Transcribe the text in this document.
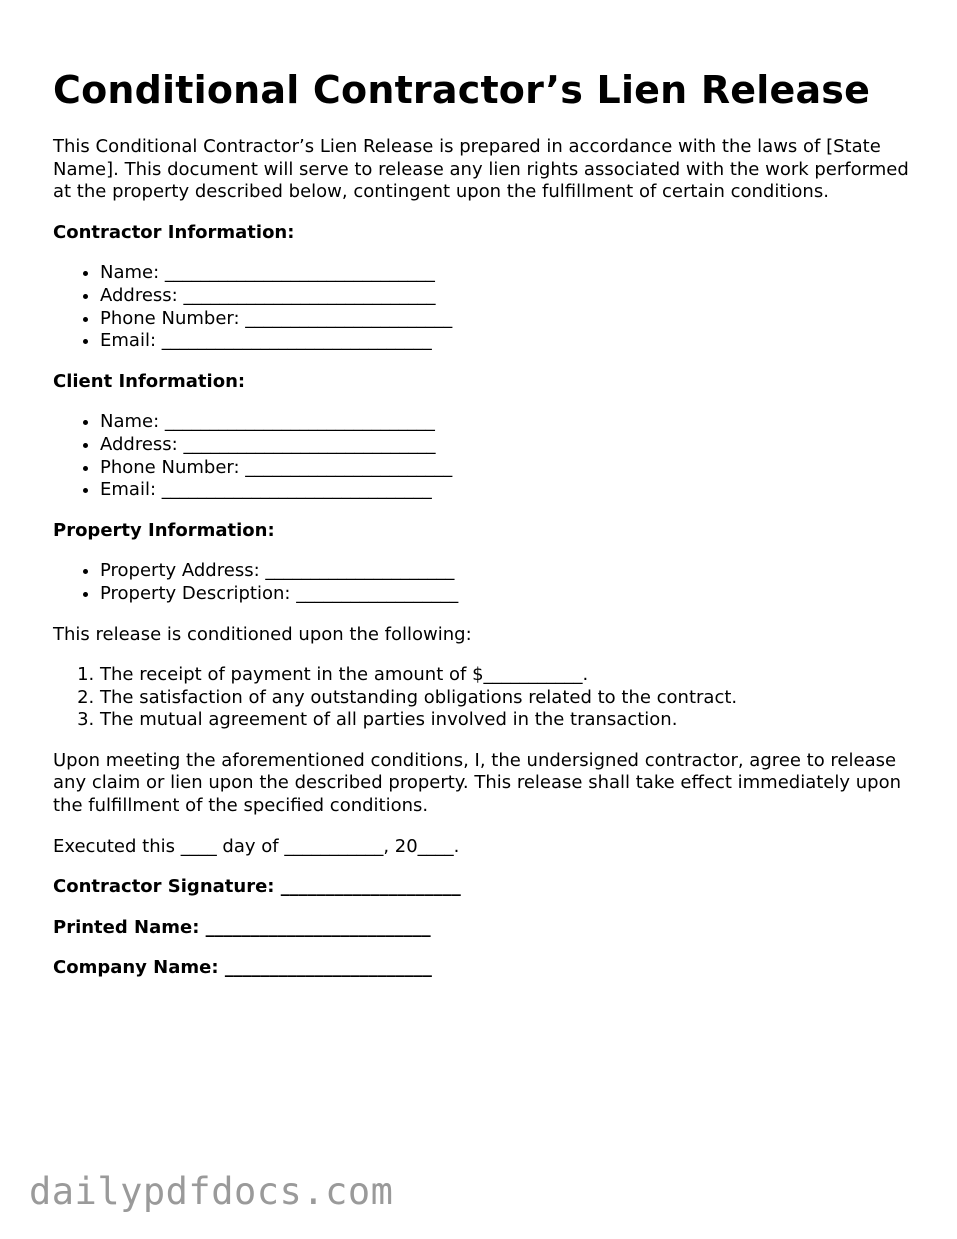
Conditional Contractor’s Lien Release

This Conditional Contractor’s Lien Release is prepared in accordance with the laws of [State Name]. This document will serve to release any lien rights associated with the work performed at the property described below, contingent upon the fulfillment of certain conditions.

Contractor Information:

• Name: ______________________________
• Address: ____________________________
• Phone Number: _______________________
• Email: ______________________________

Client Information:

• Name: ______________________________
• Address: ____________________________
• Phone Number: _______________________
• Email: ______________________________

Property Information:

• Property Address: _____________________
• Property Description: __________________

This release is conditioned upon the following:

1. The receipt of payment in the amount of $___________.
2. The satisfaction of any outstanding obligations related to the contract.
3. The mutual agreement of all parties involved in the transaction.

Upon meeting the aforementioned conditions, I, the undersigned contractor, agree to release any claim or lien upon the described property. This release shall take effect immediately upon the fulfillment of the specified conditions.

Executed this ____ day of ___________, 20____.

Contractor Signature: ____________________

Printed Name: _________________________

Company Name: _______________________

dailypdfdocs.com
